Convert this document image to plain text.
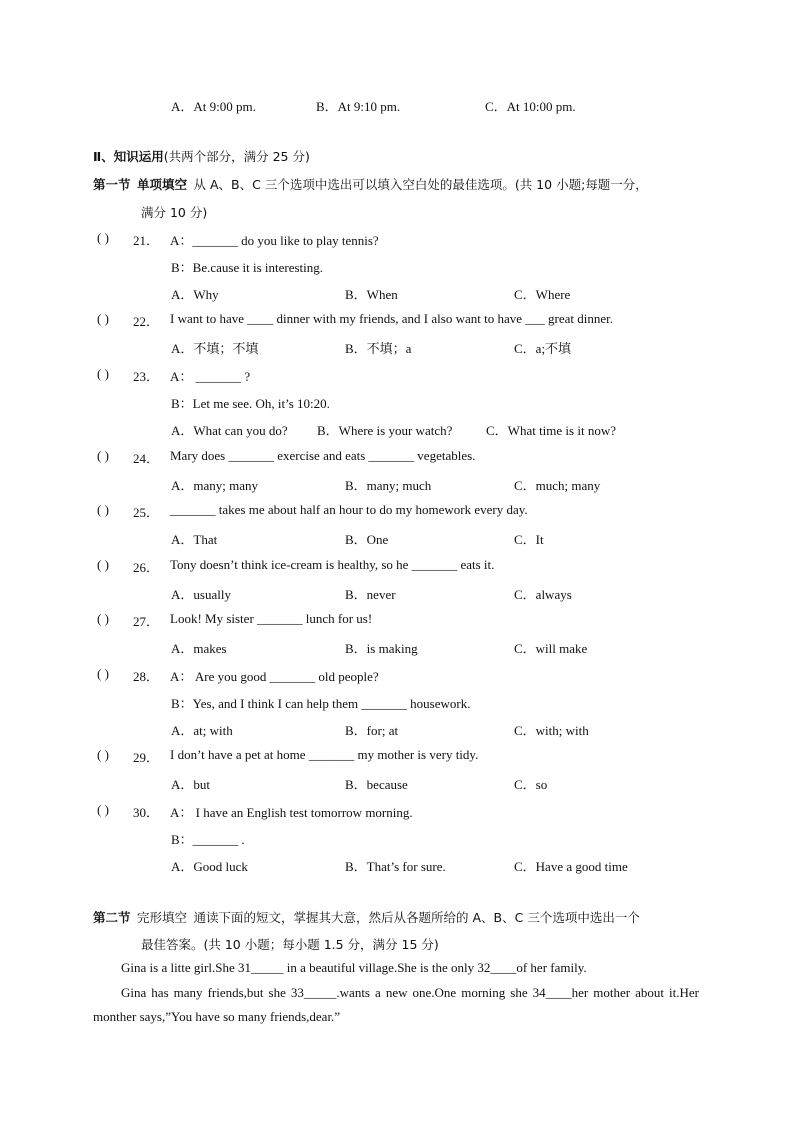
A．At 9:00 pm.	B．At 9:10 pm.	C．At 10:00 pm.
Ⅱ、知识运用(共两个部分，满分 25 分)
第一节 单项填空 从 A、B、C 三个选项中选出可以填入空白处的最佳选项。(共 10 小题;每题一分，
满分 10 分)
( ) 21． A：_______ do you like to play tennis?
B：Be.cause it is interesting.
A．Why	B．When	C．Where
( ) 22． I want to have ____ dinner with my friends, and I also want to have ___ great dinner.
A．不填；不填	B．不填；a	C．a;不填
( ) 23． A： _______ ?
B：Let me see. Oh, it’s 10:20.
A．What can you do? B．Where is your watch?	C．What time is it now?
( ) 24． Mary does _______ exercise and eats _______ vegetables.
A．many; many	B．many; much	C．much; many
( ) 25． _______ takes me about half an hour to do my homework every day.
A．That	B．One	C．It
( ) 26． Tony doesn’t think ice-cream is healthy, so he _______ eats it.
A．usually	B．never	C．always
( ) 27． Look! My sister _______ lunch for us!
A．makes	B．is making	C．will make
( ) 28． A： Are you good _______ old people?
B：Yes, and I think I can help them _______ housework.
A．at; with	B．for; at	C．with; with
( ) 29． I don’t have a pet at home _______ my mother is very tidy.
A．but	B．because	C．so
( ) 30． A： I have an English test tomorrow morning.
B：_______ .
A．Good luck	B．That’s for sure.	C．Have a good time
第二节 完形填空 通读下面的短文，掌握其大意，然后从各题所给的 A、B、C 三个选项中选出一个
最佳答案。(共 10 小题；每小题 1.5 分，满分 15 分)
Gina is a litte girl.She 31_____ in a beautiful village.She is the only 32____of her family.
Gina has many friends,but she 33_____.wants a new one.One morning she 34____her mother about it.Her monther says,”You have so many friends,dear.”
